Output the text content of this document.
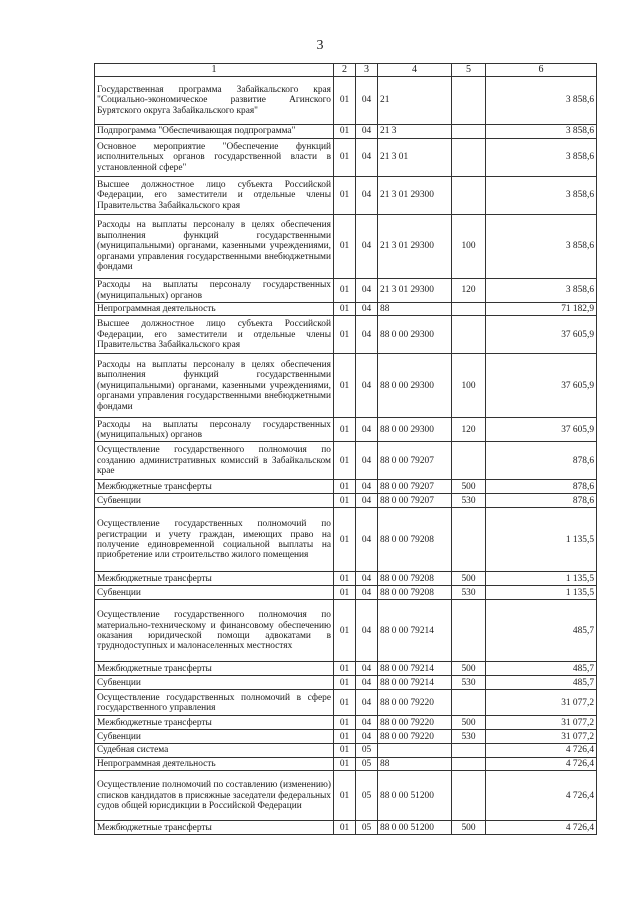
3
1	2	3	4	5	6
Государственная программа Забайкальского края "Социально-экономическое развитие Агинского Бурятского округа Забайкальского края"	01	04	21		3 858,6
Подпрограмма "Обеспечивающая подпрограмма"	01	04	21 3		3 858,6
Основное мероприятие "Обеспечение функций исполнительных органов государственной власти в установленной сфере"	01	04	21 3 01		3 858,6
Высшее должностное лицо субъекта Российской Федерации, его заместители и отдельные члены Правительства Забайкальского края	01	04	21 3 01 29300		3 858,6
Расходы на выплаты персоналу в целях обеспечения выполнения функций государственными (муниципальными) органами, казенными учреждениями, органами управления государственными внебюджетными фондами	01	04	21 3 01 29300	100	3 858,6
Расходы на выплаты персоналу государственных (муниципальных) органов	01	04	21 3 01 29300	120	3 858,6
Непрограммная деятельность	01	04	88		71 182,9
Высшее должностное лицо субъекта Российской Федерации, его заместители и отдельные члены Правительства Забайкальского края	01	04	88 0 00 29300		37 605,9
Расходы на выплаты персоналу в целях обеспечения выполнения функций государственными (муниципальными) органами, казенными учреждениями, органами управления государственными внебюджетными фондами	01	04	88 0 00 29300	100	37 605,9
Расходы на выплаты персоналу государственных (муниципальных) органов	01	04	88 0 00 29300	120	37 605,9
Осуществление государственного полномочия по созданию административных комиссий в Забайкальском крае	01	04	88 0 00 79207		878,6
Межбюджетные трансферты	01	04	88 0 00 79207	500	878,6
Субвенции	01	04	88 0 00 79207	530	878,6
Осуществление государственных полномочий по регистрации и учету граждан, имеющих право на получение единовременной социальной выплаты на приобретение или строительство жилого помещения	01	04	88 0 00 79208		1 135,5
Межбюджетные трансферты	01	04	88 0 00 79208	500	1 135,5
Субвенции	01	04	88 0 00 79208	530	1 135,5
Осуществление государственного полномочия по материально-техническому и финансовому обеспечению оказания юридической помощи адвокатами в труднодоступных и малонаселенных местностях	01	04	88 0 00 79214		485,7
Межбюджетные трансферты	01	04	88 0 00 79214	500	485,7
Субвенции	01	04	88 0 00 79214	530	485,7
Осуществление государственных полномочий в сфере государственного управления	01	04	88 0 00 79220		31 077,2
Межбюджетные трансферты	01	04	88 0 00 79220	500	31 077,2
Субвенции	01	04	88 0 00 79220	530	31 077,2
Судебная система	01	05			4 726,4
Непрограммная деятельность	01	05	88		4 726,4
Осуществление полномочий по составлению (изменению) списков кандидатов в присяжные заседатели федеральных судов общей юрисдикции в Российской Федерации	01	05	88 0 00 51200		4 726,4
Межбюджетные трансферты	01	05	88 0 00 51200	500	4 726,4
